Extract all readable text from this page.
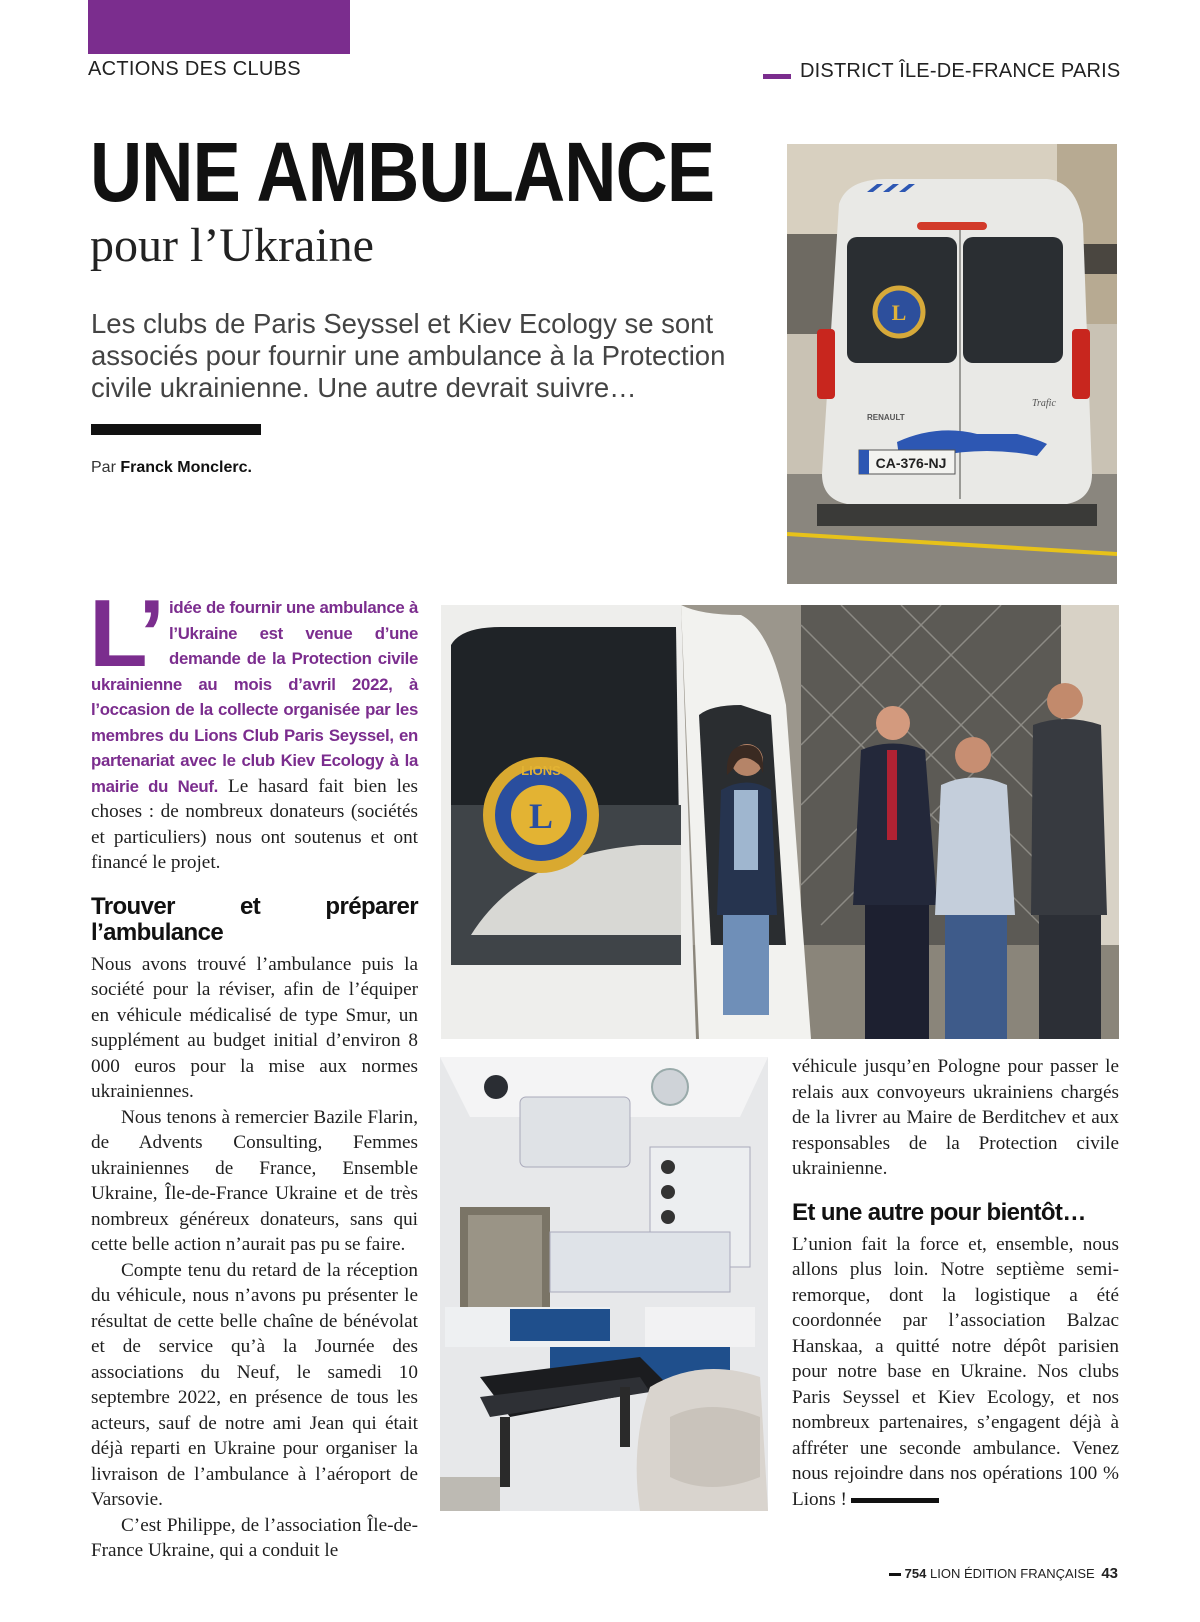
ACTIONS DES CLUBS	DISTRICT ÎLE-DE-FRANCE PARIS
UNE AMBULANCE
pour l’Ukraine
Les clubs de Paris Seyssel et Kiev Ecology se sont associés pour fournir une ambulance à la Protection civile ukrainienne. Une autre devrait suivre…
Par Franck Monclerc.
L
CA-376-NJ
RENAULT
Trafic
L
LIONS

L’ idée de fournir une ambulance à l’Ukraine est venue d’une demande de la Protection civile ukrainienne au mois d’avril 2022, à l’occasion de la collecte organisée par les membres du Lions Club Paris Seyssel, en partenariat avec le club Kiev Ecology à la mairie du Neuf. Le hasard fait bien les choses : de nombreux donateurs (sociétés et particuliers) nous ont soutenus et ont financé le projet.

Trouver et préparer l’ambulance

Nous avons trouvé l’ambulance puis la société pour la réviser, afin de l’équiper en véhicule médicalisé de type Smur, un supplément au budget initial d’environ 8 000 euros pour la mise aux normes ukrainiennes.

Nous tenons à remercier Bazile Flarin, de Advents Consulting, Femmes ukrainiennes de France, Ensemble Ukraine, Île-de-France Ukraine et de très nombreux généreux donateurs, sans qui cette belle action n’aurait pas pu se faire.

Compte tenu du retard de la réception du véhicule, nous n’avons pu présenter le résultat de cette belle chaîne de bénévolat et de service qu’à la Journée des associations du Neuf, le samedi 10 septembre 2022, en présence de tous les acteurs, sauf de notre ami Jean qui était déjà reparti en Ukraine pour organiser la livraison de l’ambulance à l’aéroport de Varsovie.

C’est Philippe, de l’association Île-de-France Ukraine, qui a conduit le

véhicule jusqu’en Pologne pour passer le relais aux convoyeurs ukrainiens chargés de la livrer au Maire de Berditchev et aux responsables de la Protection civile ukrainienne.

Et une autre pour bientôt…

L’union fait la force et, ensemble, nous allons plus loin. Notre septième semi-remorque, dont la logistique a été coordonnée par l’association Balzac Hanskaa, a quitté notre dépôt parisien pour notre base en Ukraine. Nos clubs Paris Seyssel et Kiev Ecology, et nos nombreux partenaires, s’engagent déjà à affréter une seconde ambulance. Venez nous rejoindre dans nos opérations 100 % Lions !

754 LION ÉDITION FRANÇAISE 43
